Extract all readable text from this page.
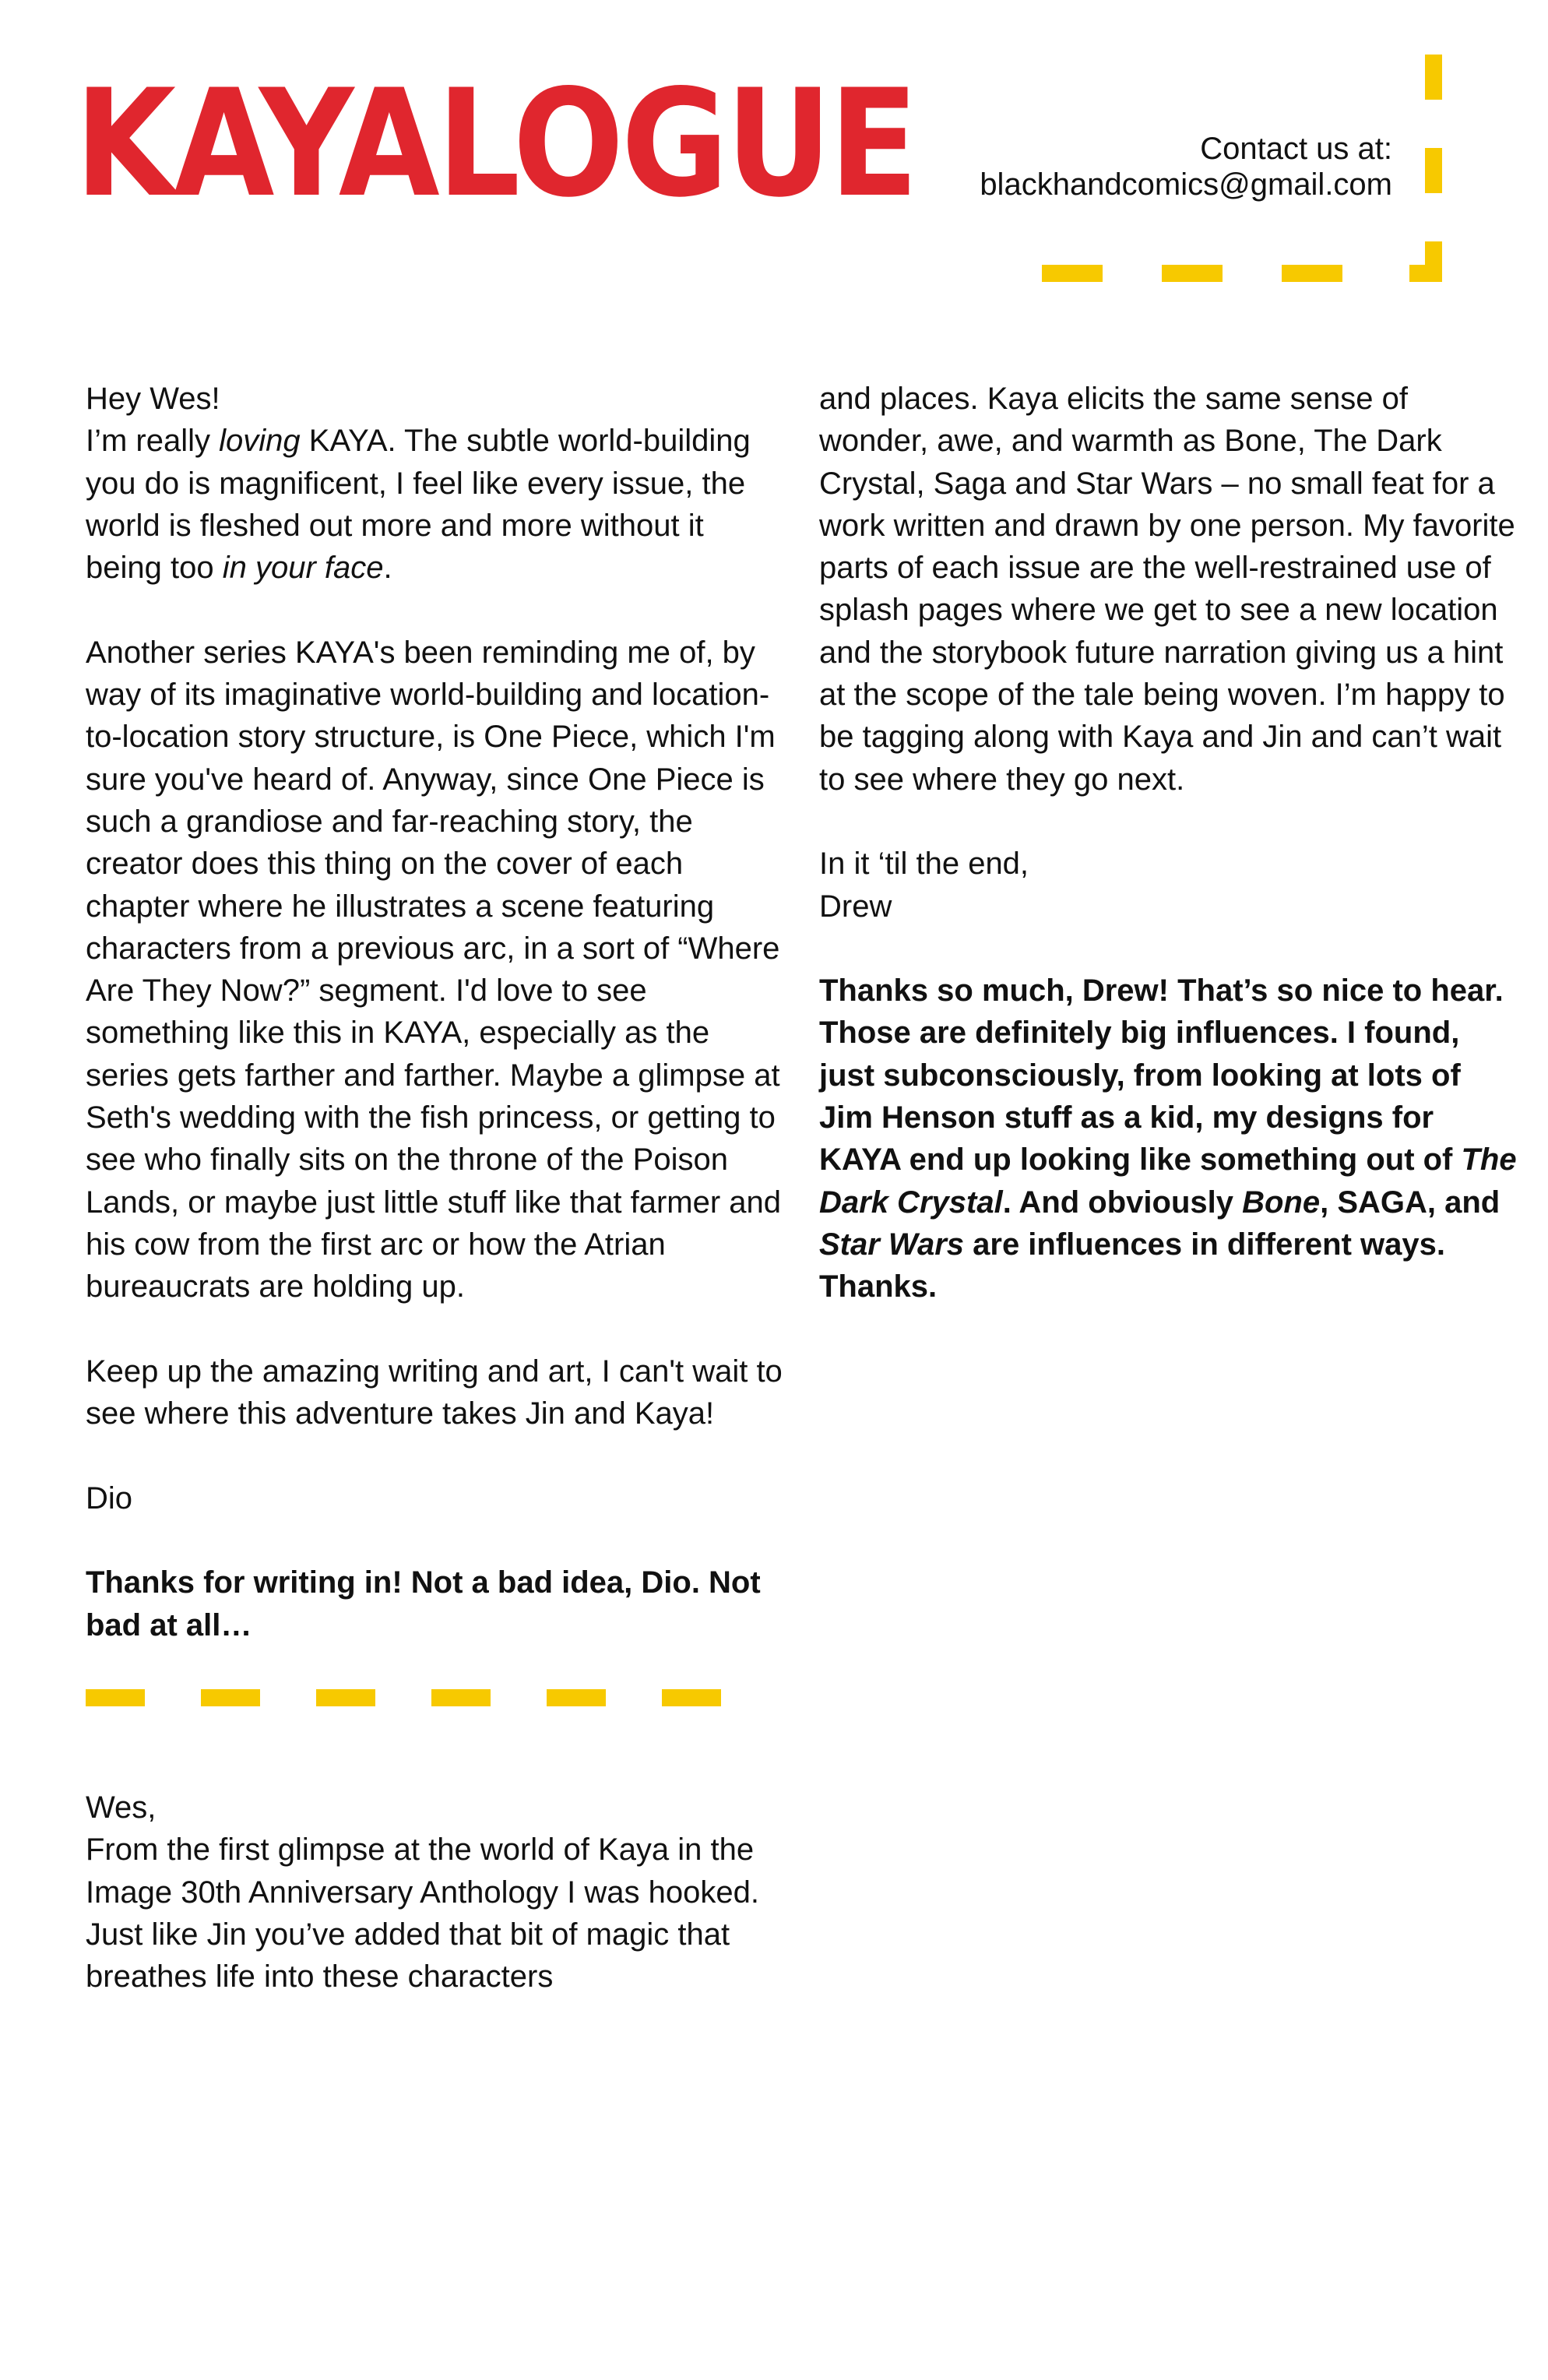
KAYALOGUE	Contact us at:

blackhandcomics@gmail.com

Hey Wes!

I’m really loving KAYA. The subtle world-building you do is magnificent, I feel like every issue, the world is fleshed out more and more without it being too in your face.

Another series KAYA's been reminding me of, by way of its imaginative world-building and location-to-location story structure, is One Piece, which I'm sure you've heard of. Anyway, since One Piece is such a grandiose and far-reaching story, the creator does this thing on the cover of each chapter where he illustrates a scene featuring characters from a previous arc, in a sort of “Where Are They Now?” segment. I'd love to see something like this in KAYA, especially as the series gets farther and farther. Maybe a glimpse at Seth's wedding with the fish princess, or getting to see who finally sits on the throne of the Poison Lands, or maybe just little stuff like that farmer and his cow from the first arc or how the Atrian bureaucrats are holding up.

Keep up the amazing writing and art, I can't wait to see where this adventure takes Jin and Kaya!

Dio

Thanks for writing in! Not a bad idea, Dio. Not bad at all…

Wes,

From the first glimpse at the world of Kaya in the Image 30th Anniversary Anthology I was hooked. Just like Jin you’ve added that bit of magic that breathes life into these characters

and places. Kaya elicits the same sense of wonder, awe, and warmth as Bone, The Dark Crystal, Saga and Star Wars – no small feat for a work written and drawn by one person. My favorite parts of each issue are the well-restrained use of splash pages where we get to see a new location and the storybook future narration giving us a hint at the scope of the tale being woven. I’m happy to be tagging along with Kaya and Jin and can’t wait to see where they go next.

In it ‘til the end,

Drew

Thanks so much, Drew! That’s so nice to hear. Those are definitely big influences. I found, just subconsciously, from looking at lots of Jim Henson stuff as a kid, my designs for KAYA end up looking like something out of The Dark Crystal. And obviously Bone, SAGA, and Star Wars are influences in different ways. Thanks.
